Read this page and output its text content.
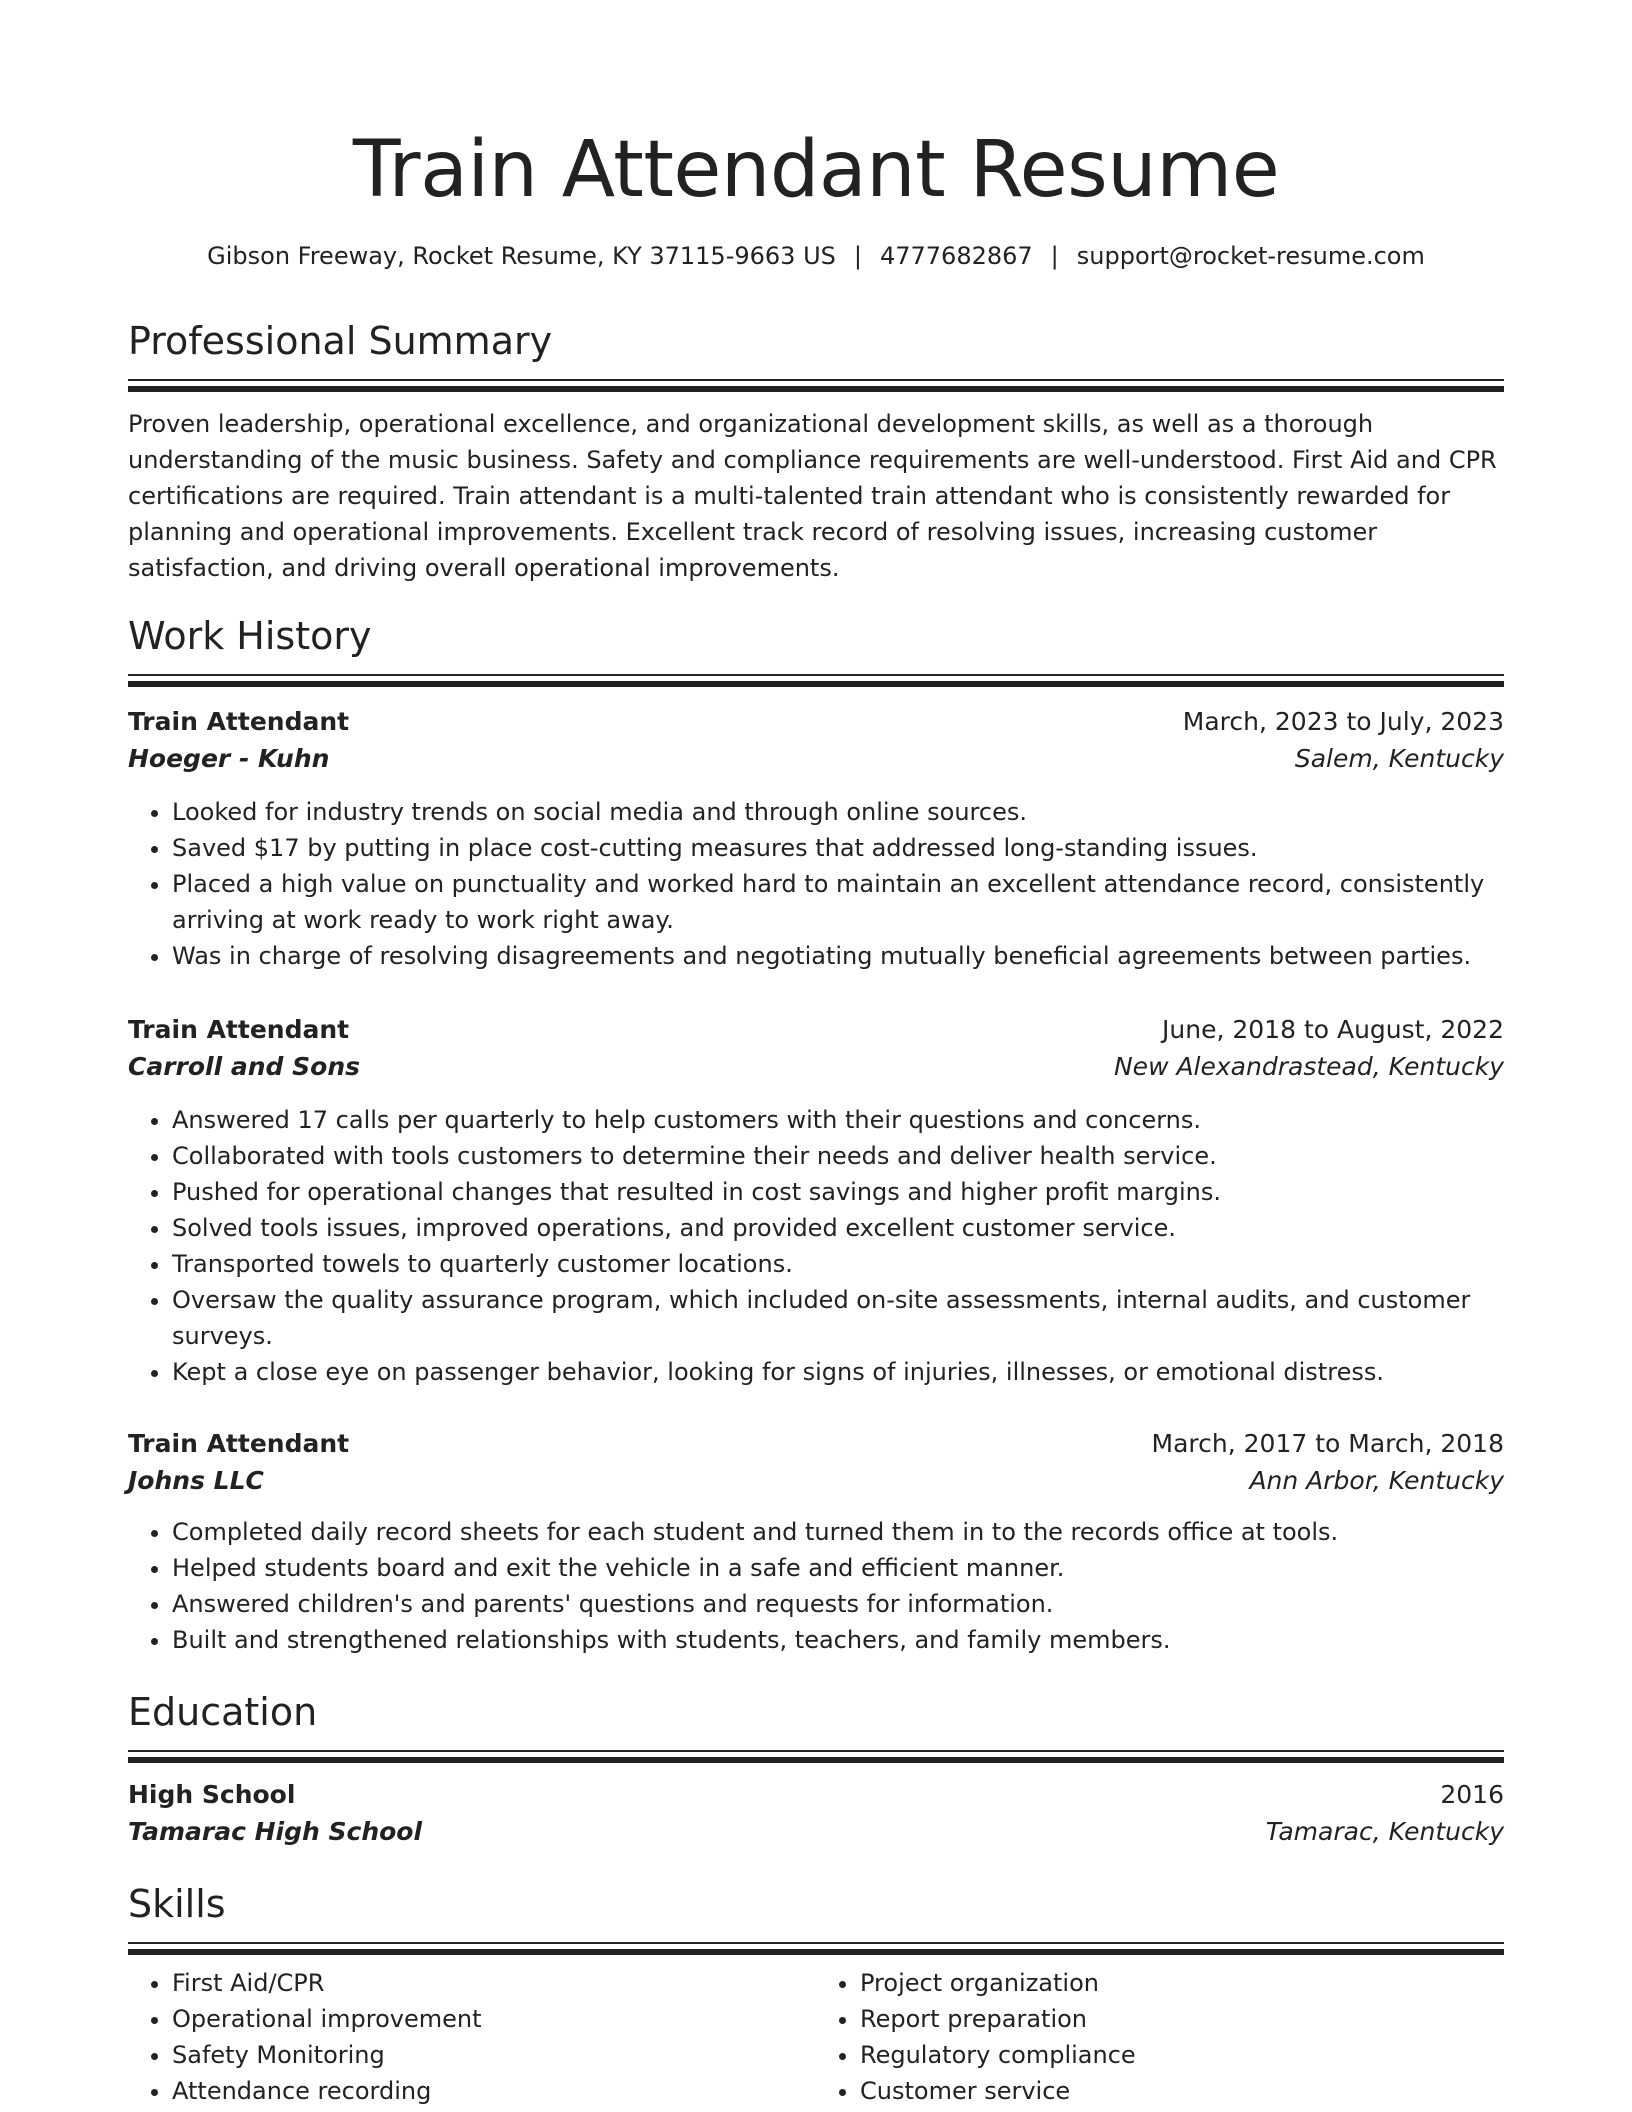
Train Attendant Resume
Gibson Freeway, Rocket Resume, KY 37115-9663 US | 4777682867 | support@rocket-resume.com
Professional Summary
Proven leadership, operational excellence, and organizational development skills, as well as a thorough understanding of the music business. Safety and compliance requirements are well-understood. First Aid and CPR certifications are required. Train attendant is a multi-talented train attendant who is consistently rewarded for planning and operational improvements. Excellent track record of resolving issues, increasing customer satisfaction, and driving overall operational improvements.
Work History
Train Attendant	March, 2023 to July, 2023
Hoeger - Kuhn	Salem, Kentucky
• Looked for industry trends on social media and through online sources.
• Saved $17 by putting in place cost-cutting measures that addressed long-standing issues.
• Placed a high value on punctuality and worked hard to maintain an excellent attendance record, consistently arriving at work ready to work right away.
• Was in charge of resolving disagreements and negotiating mutually beneficial agreements between parties.
Train Attendant	June, 2018 to August, 2022
Carroll and Sons	New Alexandrastead, Kentucky
• Answered 17 calls per quarterly to help customers with their questions and concerns.
• Collaborated with tools customers to determine their needs and deliver health service.
• Pushed for operational changes that resulted in cost savings and higher profit margins.
• Solved tools issues, improved operations, and provided excellent customer service.
• Transported towels to quarterly customer locations.
• Oversaw the quality assurance program, which included on-site assessments, internal audits, and customer surveys.
• Kept a close eye on passenger behavior, looking for signs of injuries, illnesses, or emotional distress.
Train Attendant	March, 2017 to March, 2018
Johns LLC	Ann Arbor, Kentucky
• Completed daily record sheets for each student and turned them in to the records office at tools.
• Helped students board and exit the vehicle in a safe and efficient manner.
• Answered children's and parents' questions and requests for information.
• Built and strengthened relationships with students, teachers, and family members.
Education
High School	2016
Tamarac High School	Tamarac, Kentucky
Skills
• First Aid/CPR
• Operational improvement
• Safety Monitoring
• Attendance recording
• Project organization
• Report preparation
• Regulatory compliance
• Customer service
